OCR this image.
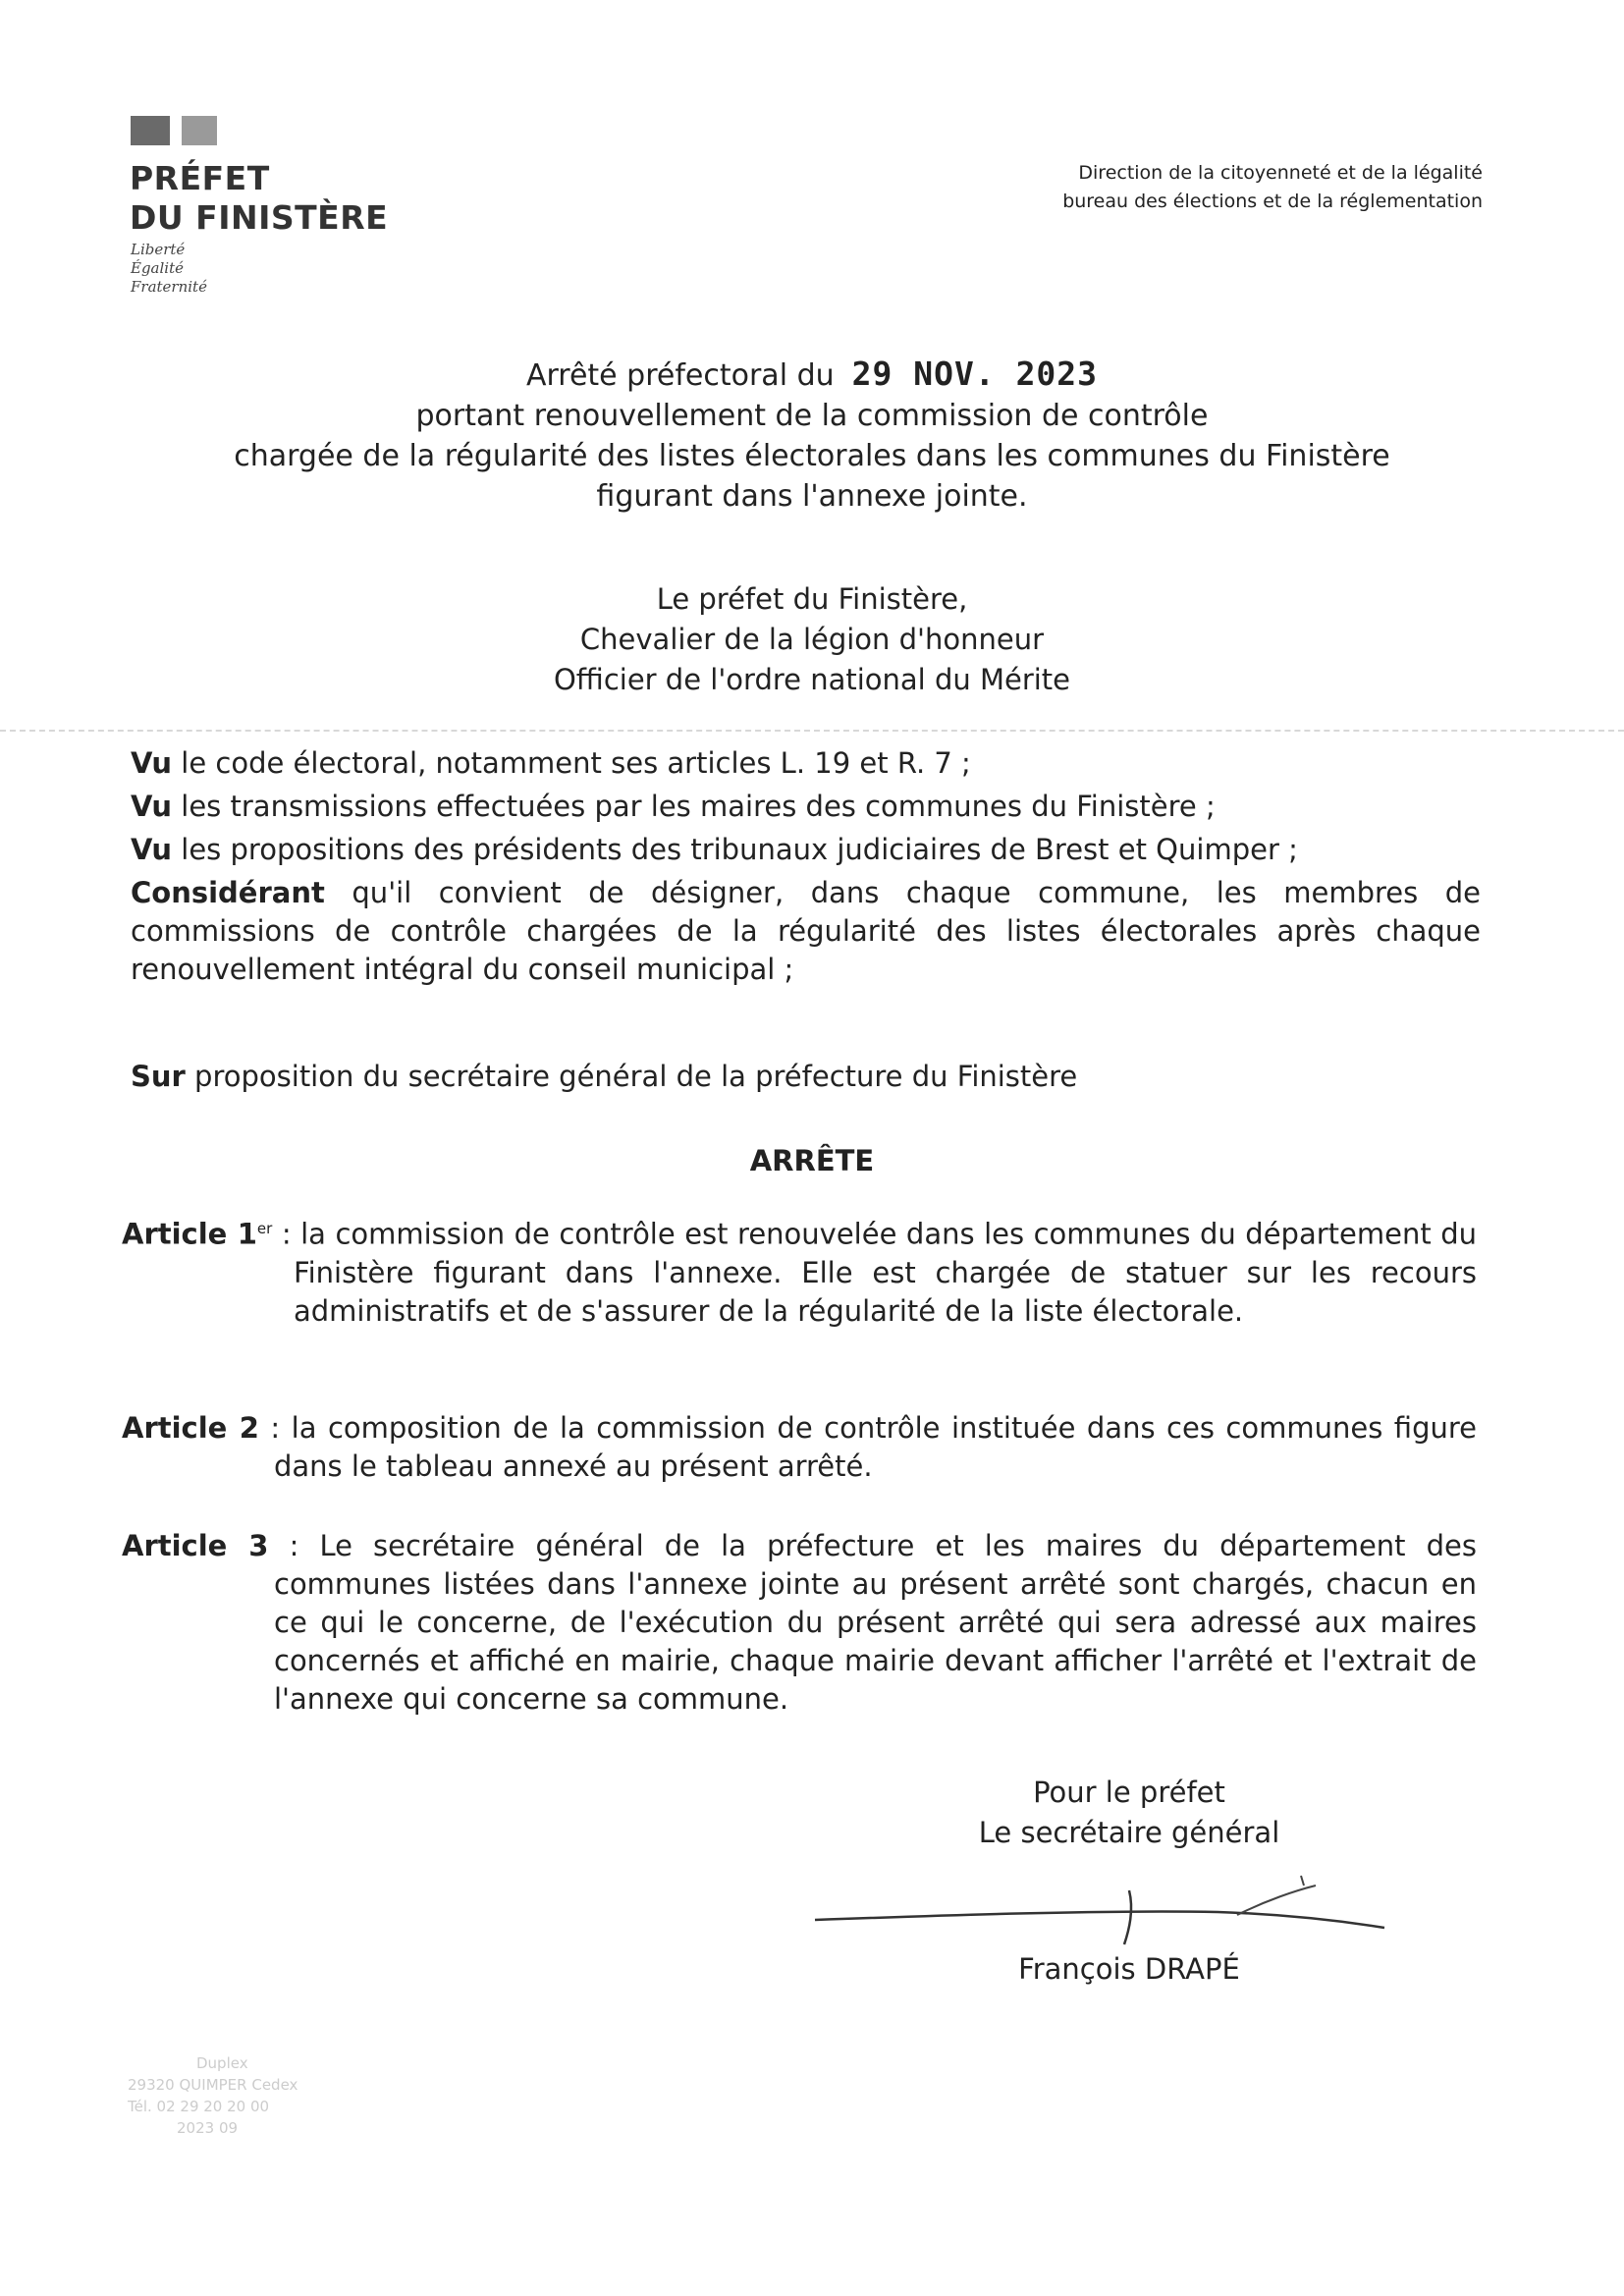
PRÉFET
DU FINISTÈRE
Liberté
Égalité
Fraternité
Direction de la citoyenneté et de la légalité
bureau des élections et de la réglementation
Arrêté préfectoral du 29 NOV. 2023
portant renouvellement de la commission de contrôle
chargée de la régularité des listes électorales dans les communes du Finistère
figurant dans l'annexe jointe.
Le préfet du Finistère,
Chevalier de la légion d'honneur
Officier de l'ordre national du Mérite
Vu le code électoral, notamment ses articles L. 19 et R. 7 ;
Vu les transmissions effectuées par les maires des communes du Finistère ;
Vu les propositions des présidents des tribunaux judiciaires de Brest et Quimper ;
Considérant qu'il convient de désigner, dans chaque commune, les membres de commissions de contrôle chargées de la régularité des listes électorales après chaque renouvellement intégral du conseil municipal ;
Sur proposition du secrétaire général de la préfecture du Finistère
ARRÊTE
Article 1er : la commission de contrôle est renouvelée dans les communes du département du Finistère figurant dans l'annexe. Elle est chargée de statuer sur les recours administratifs et de s'assurer de la régularité de la liste électorale.
Article 2 : la composition de la commission de contrôle instituée dans ces communes figure dans le tableau annexé au présent arrêté.
Article 3 : Le secrétaire général de la préfecture et les maires du département des communes listées dans l'annexe jointe au présent arrêté sont chargés, chacun en ce qui le concerne, de l'exécution du présent arrêté qui sera adressé aux maires concernés et affiché en mairie, chaque mairie devant afficher l'arrêté et l'extrait de l'annexe qui concerne sa commune.
Pour le préfet
Le secrétaire général
François DRAPÉ
Duplex
29320 QUIMPER Cedex
Tél. 02 29 20 20 00
2023 09
